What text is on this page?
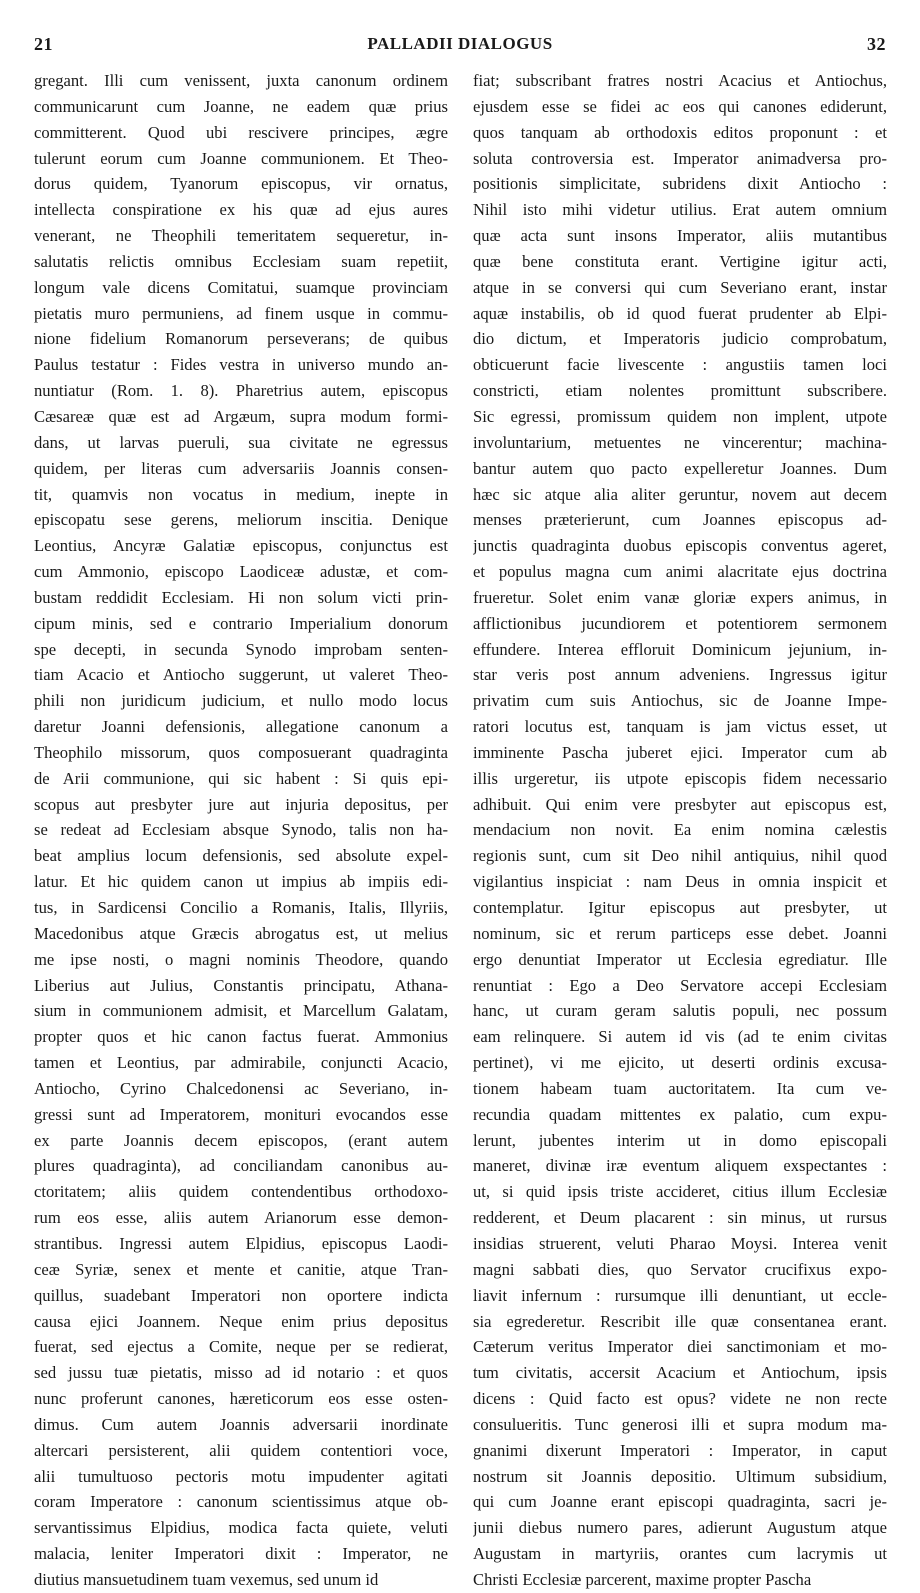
21	PALLADII DIALOGUS	32
gregant. Illi cum venissent, juxta canonum ordinem
communicarunt cum Joanne, ne eadem quæ prius
committerent. Quod ubi rescivere principes, ægre
tulerunt eorum cum Joanne communionem. Et Theo-
dorus quidem, Tyanorum episcopus, vir ornatus,
intellecta conspiratione ex his quæ ad ejus aures
venerant, ne Theophili temeritatem sequeretur, in-
salutatis relictis omnibus Ecclesiam suam repetiit,
longum vale dicens Comitatui, suamque provinciam
pietatis muro permuniens, ad finem usque in commu-
nione fidelium Romanorum perseverans; de quibus
Paulus testatur : Fides vestra in universo mundo an-
nuntiatur (Rom. 1. 8). Pharetrius autem, episcopus
Cæsareæ quæ est ad Argæum, supra modum formi-
dans, ut larvas pueruli, sua civitate ne egressus
quidem, per literas cum adversariis Joannis consen-
tit, quamvis non vocatus in medium, inepte in
episcopatu sese gerens, meliorum inscitia. Denique
Leontius, Ancyræ Galatiæ episcopus, conjunctus est
cum Ammonio, episcopo Laodiceæ adustæ, et com-
bustam reddidit Ecclesiam. Hi non solum victi prin-
cipum minis, sed e contrario Imperialium donorum
spe decepti, in secunda Synodo improbam senten-
tiam Acacio et Antiocho suggerunt, ut valeret Theo-
phili non juridicum judicium, et nullo modo locus
daretur Joanni defensionis, allegatione canonum a
Theophilo missorum, quos composuerant quadraginta
de Arii communione, qui sic habent : Si quis epi-
scopus aut presbyter jure aut injuria depositus, per
se redeat ad Ecclesiam absque Synodo, talis non ha-
beat amplius locum defensionis, sed absolute expel-
latur. Et hic quidem canon ut impius ab impiis edi-
tus, in Sardicensi Concilio a Romanis, Italis, Illyriis,
Macedonibus atque Græcis abrogatus est, ut melius
me ipse nosti, o magni nominis Theodore, quando
Liberius aut Julius, Constantis principatu, Athana-
sium in communionem admisit, et Marcellum Galatam,
propter quos et hic canon factus fuerat. Ammonius
tamen et Leontius, par admirabile, conjuncti Acacio,
Antiocho, Cyrino Chalcedonensi ac Severiano, in-
gressi sunt ad Imperatorem, monituri evocandos esse
ex parte Joannis decem episcopos, (erant autem
plures quadraginta), ad conciliandam canonibus au-
ctoritatem; aliis quidem contendentibus orthodoxo-
rum eos esse, aliis autem Arianorum esse demon-
strantibus. Ingressi autem Elpidius, episcopus Laodi-
ceæ Syriæ, senex et mente et canitie, atque Tran-
quillus, suadebant Imperatori non oportere indicta
causa ejici Joannem. Neque enim prius depositus
fuerat, sed ejectus a Comite, neque per se redierat,
sed jussu tuæ pietatis, misso ad id notario : et quos
nunc proferunt canones, hæreticorum eos esse osten-
dimus. Cum autem Joannis adversarii inordinate
altercari persisterent, alii quidem contentiori voce,
alii tumultuoso pectoris motu impudenter agitati
coram Imperatore : canonum scientissimus atque ob-
servantissimus Elpidius, modica facta quiete, veluti
malacia, leniter Imperatori dixit : Imperator, ne
diutius mansuetudinem tuam vexemus, sed unum id
fiat; subscribant fratres nostri Acacius et Antiochus,
ejusdem esse se fidei ac eos qui canones ediderunt,
quos tanquam ab orthodoxis editos proponunt : et
soluta controversia est. Imperator animadversa pro-
positionis simplicitate, subridens dixit Antiocho :
Nihil isto mihi videtur utilius. Erat autem omnium
quæ acta sunt insons Imperator, aliis mutantibus
quæ bene constituta erant. Vertigine igitur acti,
atque in se conversi qui cum Severiano erant, instar
aquæ instabilis, ob id quod fuerat prudenter ab Elpi-
dio dictum, et Imperatoris judicio comprobatum,
obticuerunt facie livescente : angustiis tamen loci
constricti, etiam nolentes promittunt subscribere.
Sic egressi, promissum quidem non implent, utpote
involuntarium, metuentes ne vincerentur; machina-
bantur autem quo pacto expelleretur Joannes. Dum
hæc sic atque alia aliter geruntur, novem aut decem
menses præterierunt, cum Joannes episcopus ad-
junctis quadraginta duobus episcopis conventus ageret,
et populus magna cum animi alacritate ejus doctrina
frueretur. Solet enim vanæ gloriæ expers animus, in
afflictionibus jucundiorem et potentiorem sermonem
effundere. Interea effloruit Dominicum jejunium, in-
star veris post annum adveniens. Ingressus igitur
privatim cum suis Antiochus, sic de Joanne Impe-
ratori locutus est, tanquam is jam victus esset, ut
imminente Pascha juberet ejici. Imperator cum ab
illis urgeretur, iis utpote episcopis fidem necessario
adhibuit. Qui enim vere presbyter aut episcopus est,
mendacium non novit. Ea enim nomina cælestis
regionis sunt, cum sit Deo nihil antiquius, nihil quod
vigilantius inspiciat : nam Deus in omnia inspicit et
contemplatur. Igitur episcopus aut presbyter, ut
nominum, sic et rerum particeps esse debet. Joanni
ergo denuntiat Imperator ut Ecclesia egrediatur. Ille
renuntiat : Ego a Deo Servatore accepi Ecclesiam
hanc, ut curam geram salutis populi, nec possum
eam relinquere. Si autem id vis (ad te enim civitas
pertinet), vi me ejicito, ut deserti ordinis excusa-
tionem habeam tuam auctoritatem. Ita cum ve-
recundia quadam mittentes ex palatio, cum expu-
lerunt, jubentes interim ut in domo episcopali
maneret, divinæ iræ eventum aliquem exspectantes :
ut, si quid ipsis triste accideret, citius illum Ecclesiæ
redderent, et Deum placarent : sin minus, ut rursus
insidias struerent, veluti Pharao Moysi. Interea venit
magni sabbati dies, quo Servator crucifixus expo-
liavit infernum : rursumque illi denuntiant, ut eccle-
sia egrederetur. Rescribit ille quæ consentanea erant.
Cæterum veritus Imperator diei sanctimoniam et mo-
tum civitatis, accersit Acacium et Antiochum, ipsis
dicens : Quid facto est opus? videte ne non recte
consulueritis. Tunc generosi illi et supra modum ma-
gnanimi dixerunt Imperatori : Imperator, in caput
nostrum sit Joannis depositio. Ultimum subsidium,
qui cum Joanne erant episcopi quadraginta, sacri je-
junii diebus numero pares, adierunt Augustum atque
Augustam in martyriis, orantes cum lacrymis ut
Christi Ecclesiæ parcerent, maxime propter Pascha
